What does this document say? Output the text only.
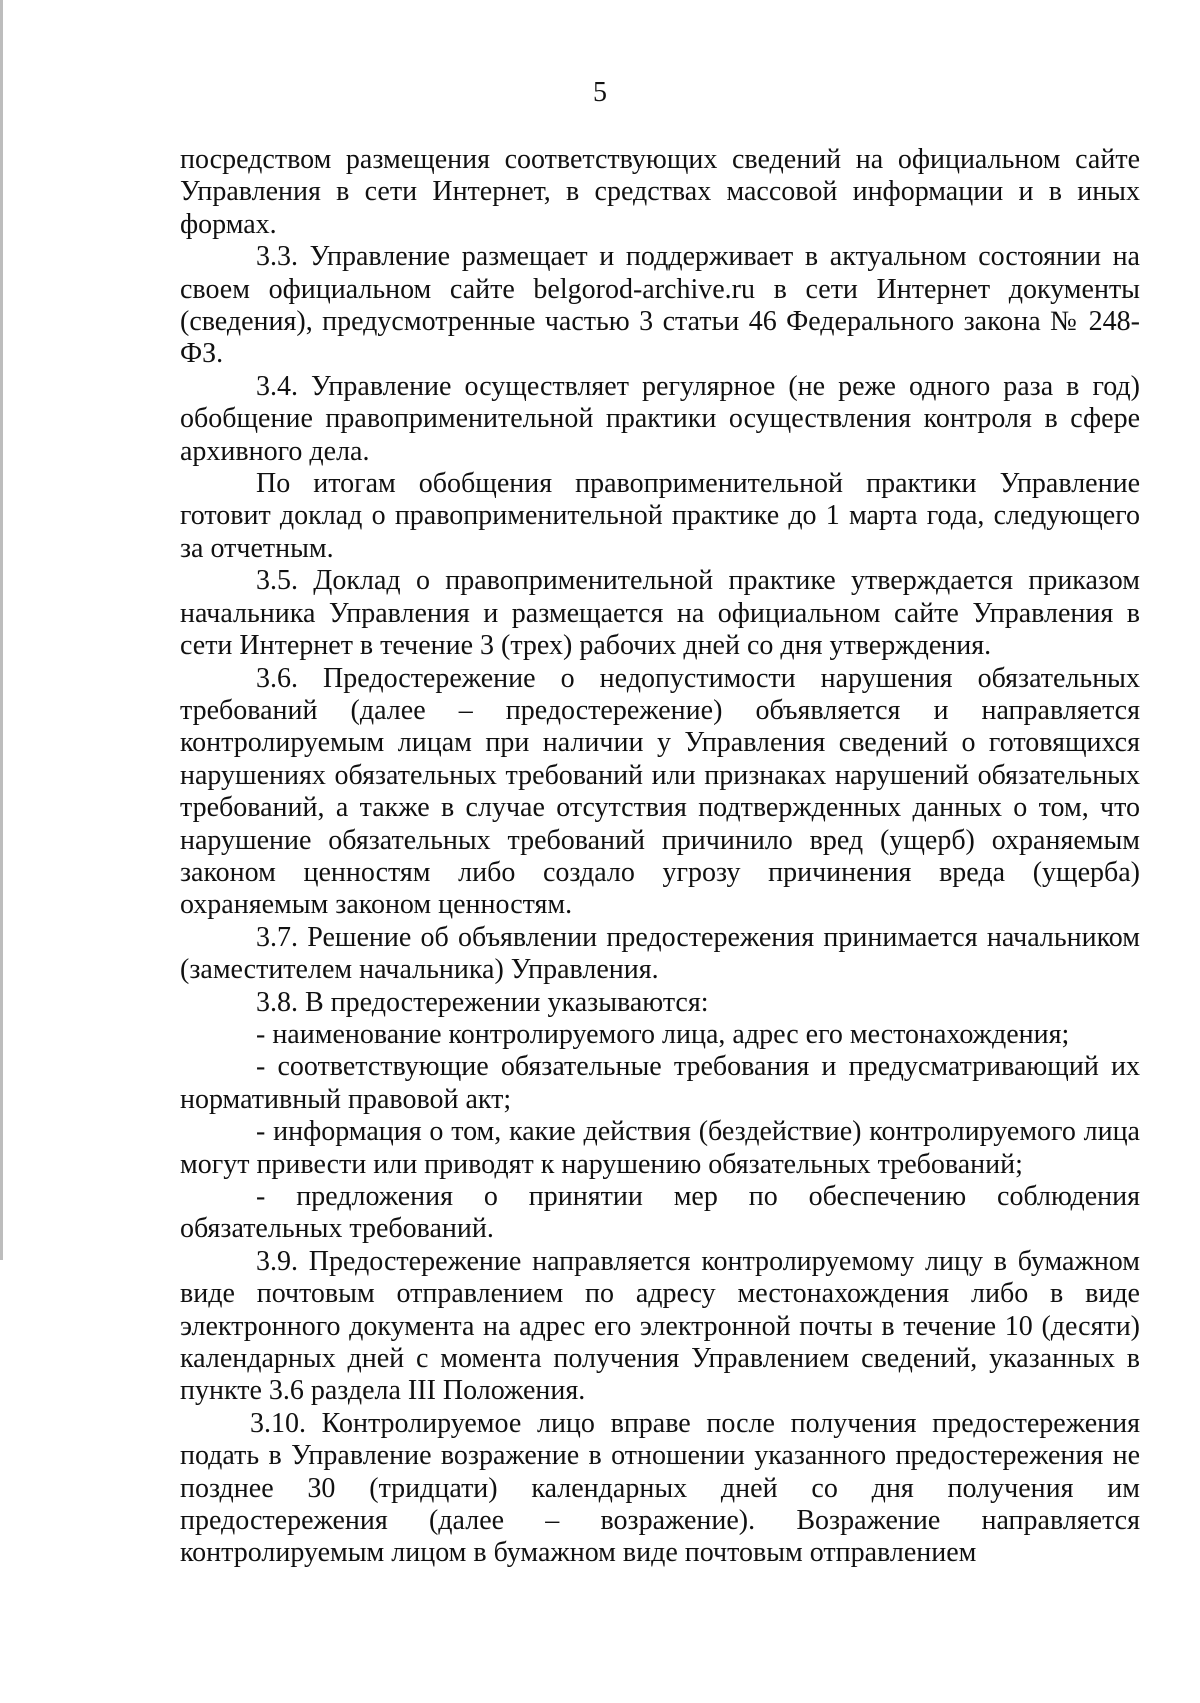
5

посредством размещения соответствующих сведений на официальном сайте Управления в сети Интернет, в средствах массовой информации и в иных формах.

3.3. Управление размещает и поддерживает в актуальном состоянии на своем официальном сайте belgorod-archive.ru в сети Интернет документы (сведения), предусмотренные частью 3 статьи 46 Федерального закона № 248- ФЗ.

3.4. Управление осуществляет регулярное (не реже одного раза в год) обобщение правоприменительной практики осуществления контроля в сфере архивного дела.

По итогам обобщения правоприменительной практики Управление готовит доклад о правоприменительной практике до 1 марта года, следующего за отчетным.

3.5. Доклад о правоприменительной практике утверждается приказом начальника Управления и размещается на официальном сайте Управления в сети Интернет в течение 3 (трех) рабочих дней со дня утверждения.

3.6. Предостережение о недопустимости нарушения обязательных требований (далее – предостережение) объявляется и направляется контролируемым лицам при наличии у Управления сведений о готовящихся нарушениях обязательных требований или признаках нарушений обязательных требований, а также в случае отсутствия подтвержденных данных о том, что нарушение обязательных требований причинило вред (ущерб) охраняемым законом ценностям либо создало угрозу причинения вреда (ущерба) охраняемым законом ценностям.

3.7. Решение об объявлении предостережения принимается начальником (заместителем начальника) Управления.

3.8. В предостережении указываются:

- наименование контролируемого лица, адрес его местонахождения;

- соответствующие обязательные требования и предусматривающий их нормативный правовой акт;

- информация о том, какие действия (бездействие) контролируемого лица могут привести или приводят к нарушению обязательных требований;

- предложения о принятии мер по обеспечению соблюдения обязательных требований.

3.9. Предостережение направляется контролируемому лицу в бумажном виде почтовым отправлением по адресу местонахождения либо в виде электронного документа на адрес его электронной почты в течение 10 (десяти) календарных дней с момента получения Управлением сведений, указанных в пункте 3.6 раздела III Положения.

3.10. Контролируемое лицо вправе после получения предостережения подать в Управление возражение в отношении указанного предостережения не позднее 30 (тридцати) календарных дней со дня получения им предостережения (далее – возражение). Возражение направляется контролируемым лицом в бумажном виде почтовым отправлением
